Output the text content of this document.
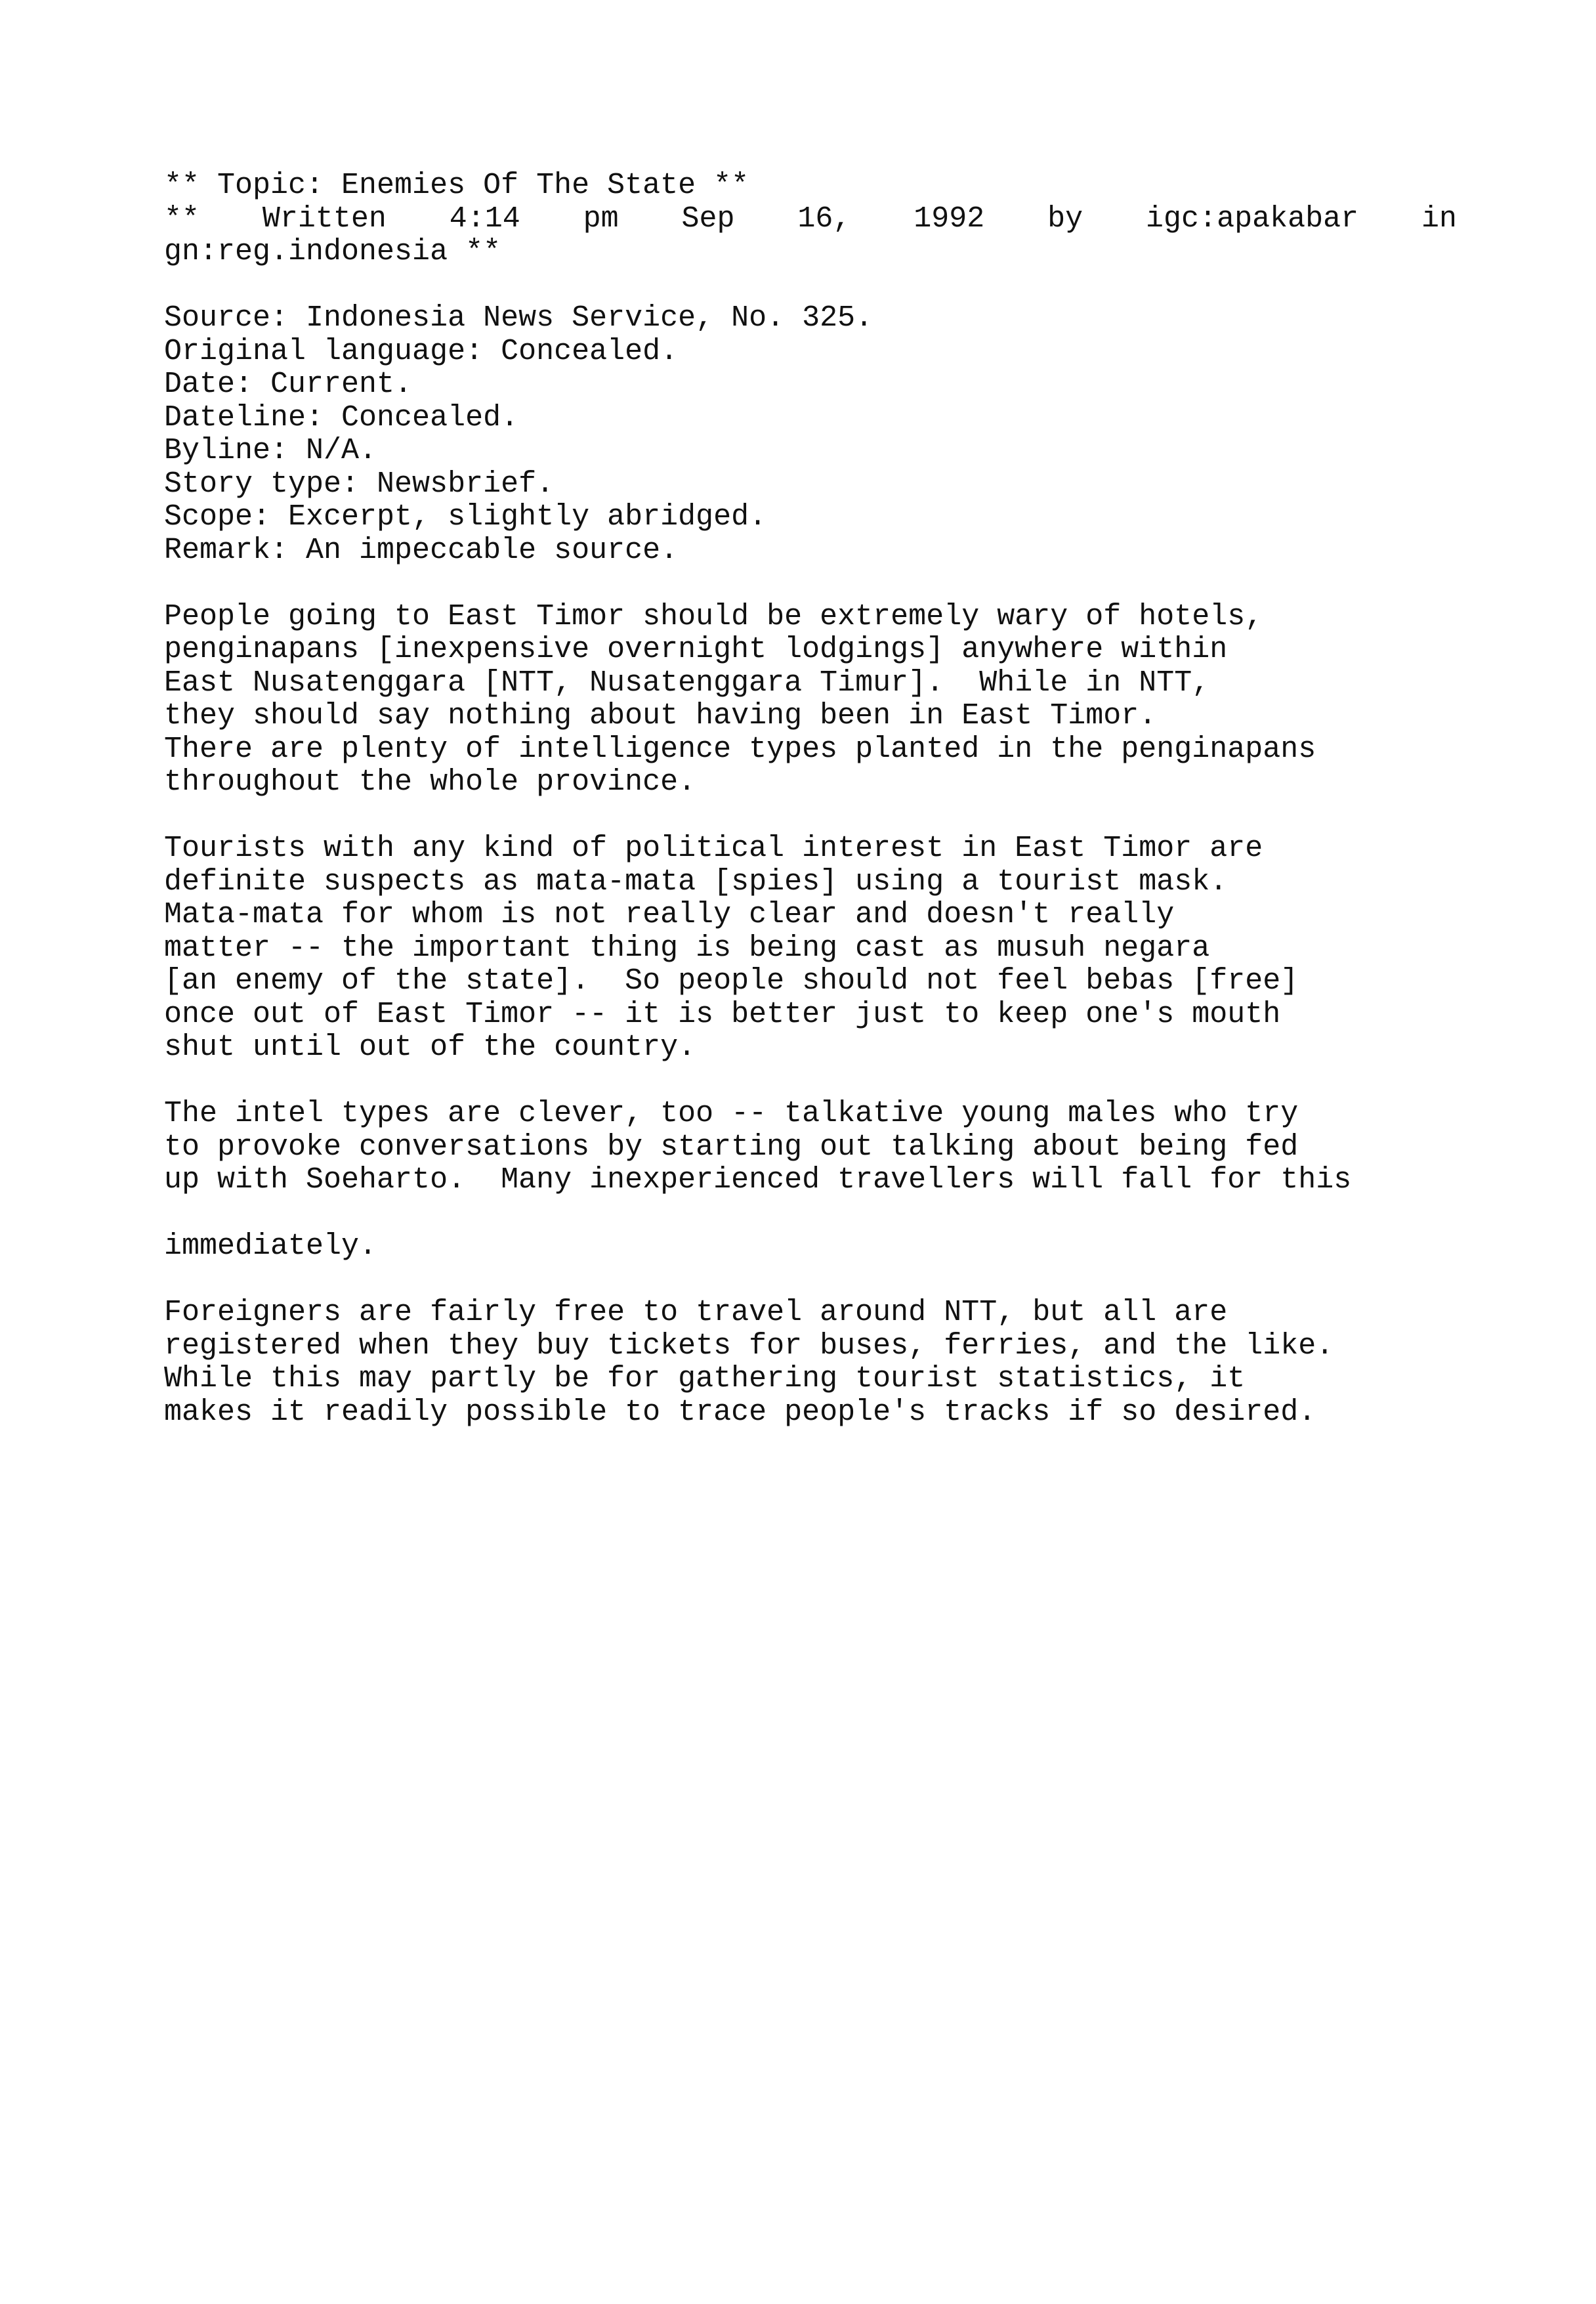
** Topic: Enemies Of The State **
** Written 4:14 pm Sep 16, 1992 by igc:apakabar in
gn:reg.indonesia **
Source: Indonesia News Service, No. 325.
Original language: Concealed.
Date: Current.
Dateline: Concealed.
Byline: N/A.
Story type: Newsbrief.
Scope: Excerpt, slightly abridged.
Remark: An impeccable source.
People going to East Timor should be extremely wary of hotels,
penginapans [inexpensive overnight lodgings] anywhere within
East Nusatenggara [NTT, Nusatenggara Timur].  While in NTT,
they should say nothing about having been in East Timor.
There are plenty of intelligence types planted in the penginapans
throughout the whole province.
Tourists with any kind of political interest in East Timor are
definite suspects as mata-mata [spies] using a tourist mask.
Mata-mata for whom is not really clear and doesn't really
matter -- the important thing is being cast as musuh negara
[an enemy of the state].  So people should not feel bebas [free]
once out of East Timor -- it is better just to keep one's mouth
shut until out of the country.
The intel types are clever, too -- talkative young males who try
to provoke conversations by starting out talking about being fed
up with Soeharto.  Many inexperienced travellers will fall for this
immediately.
Foreigners are fairly free to travel around NTT, but all are
registered when they buy tickets for buses, ferries, and the like.
While this may partly be for gathering tourist statistics, it
makes it readily possible to trace people's tracks if so desired.
